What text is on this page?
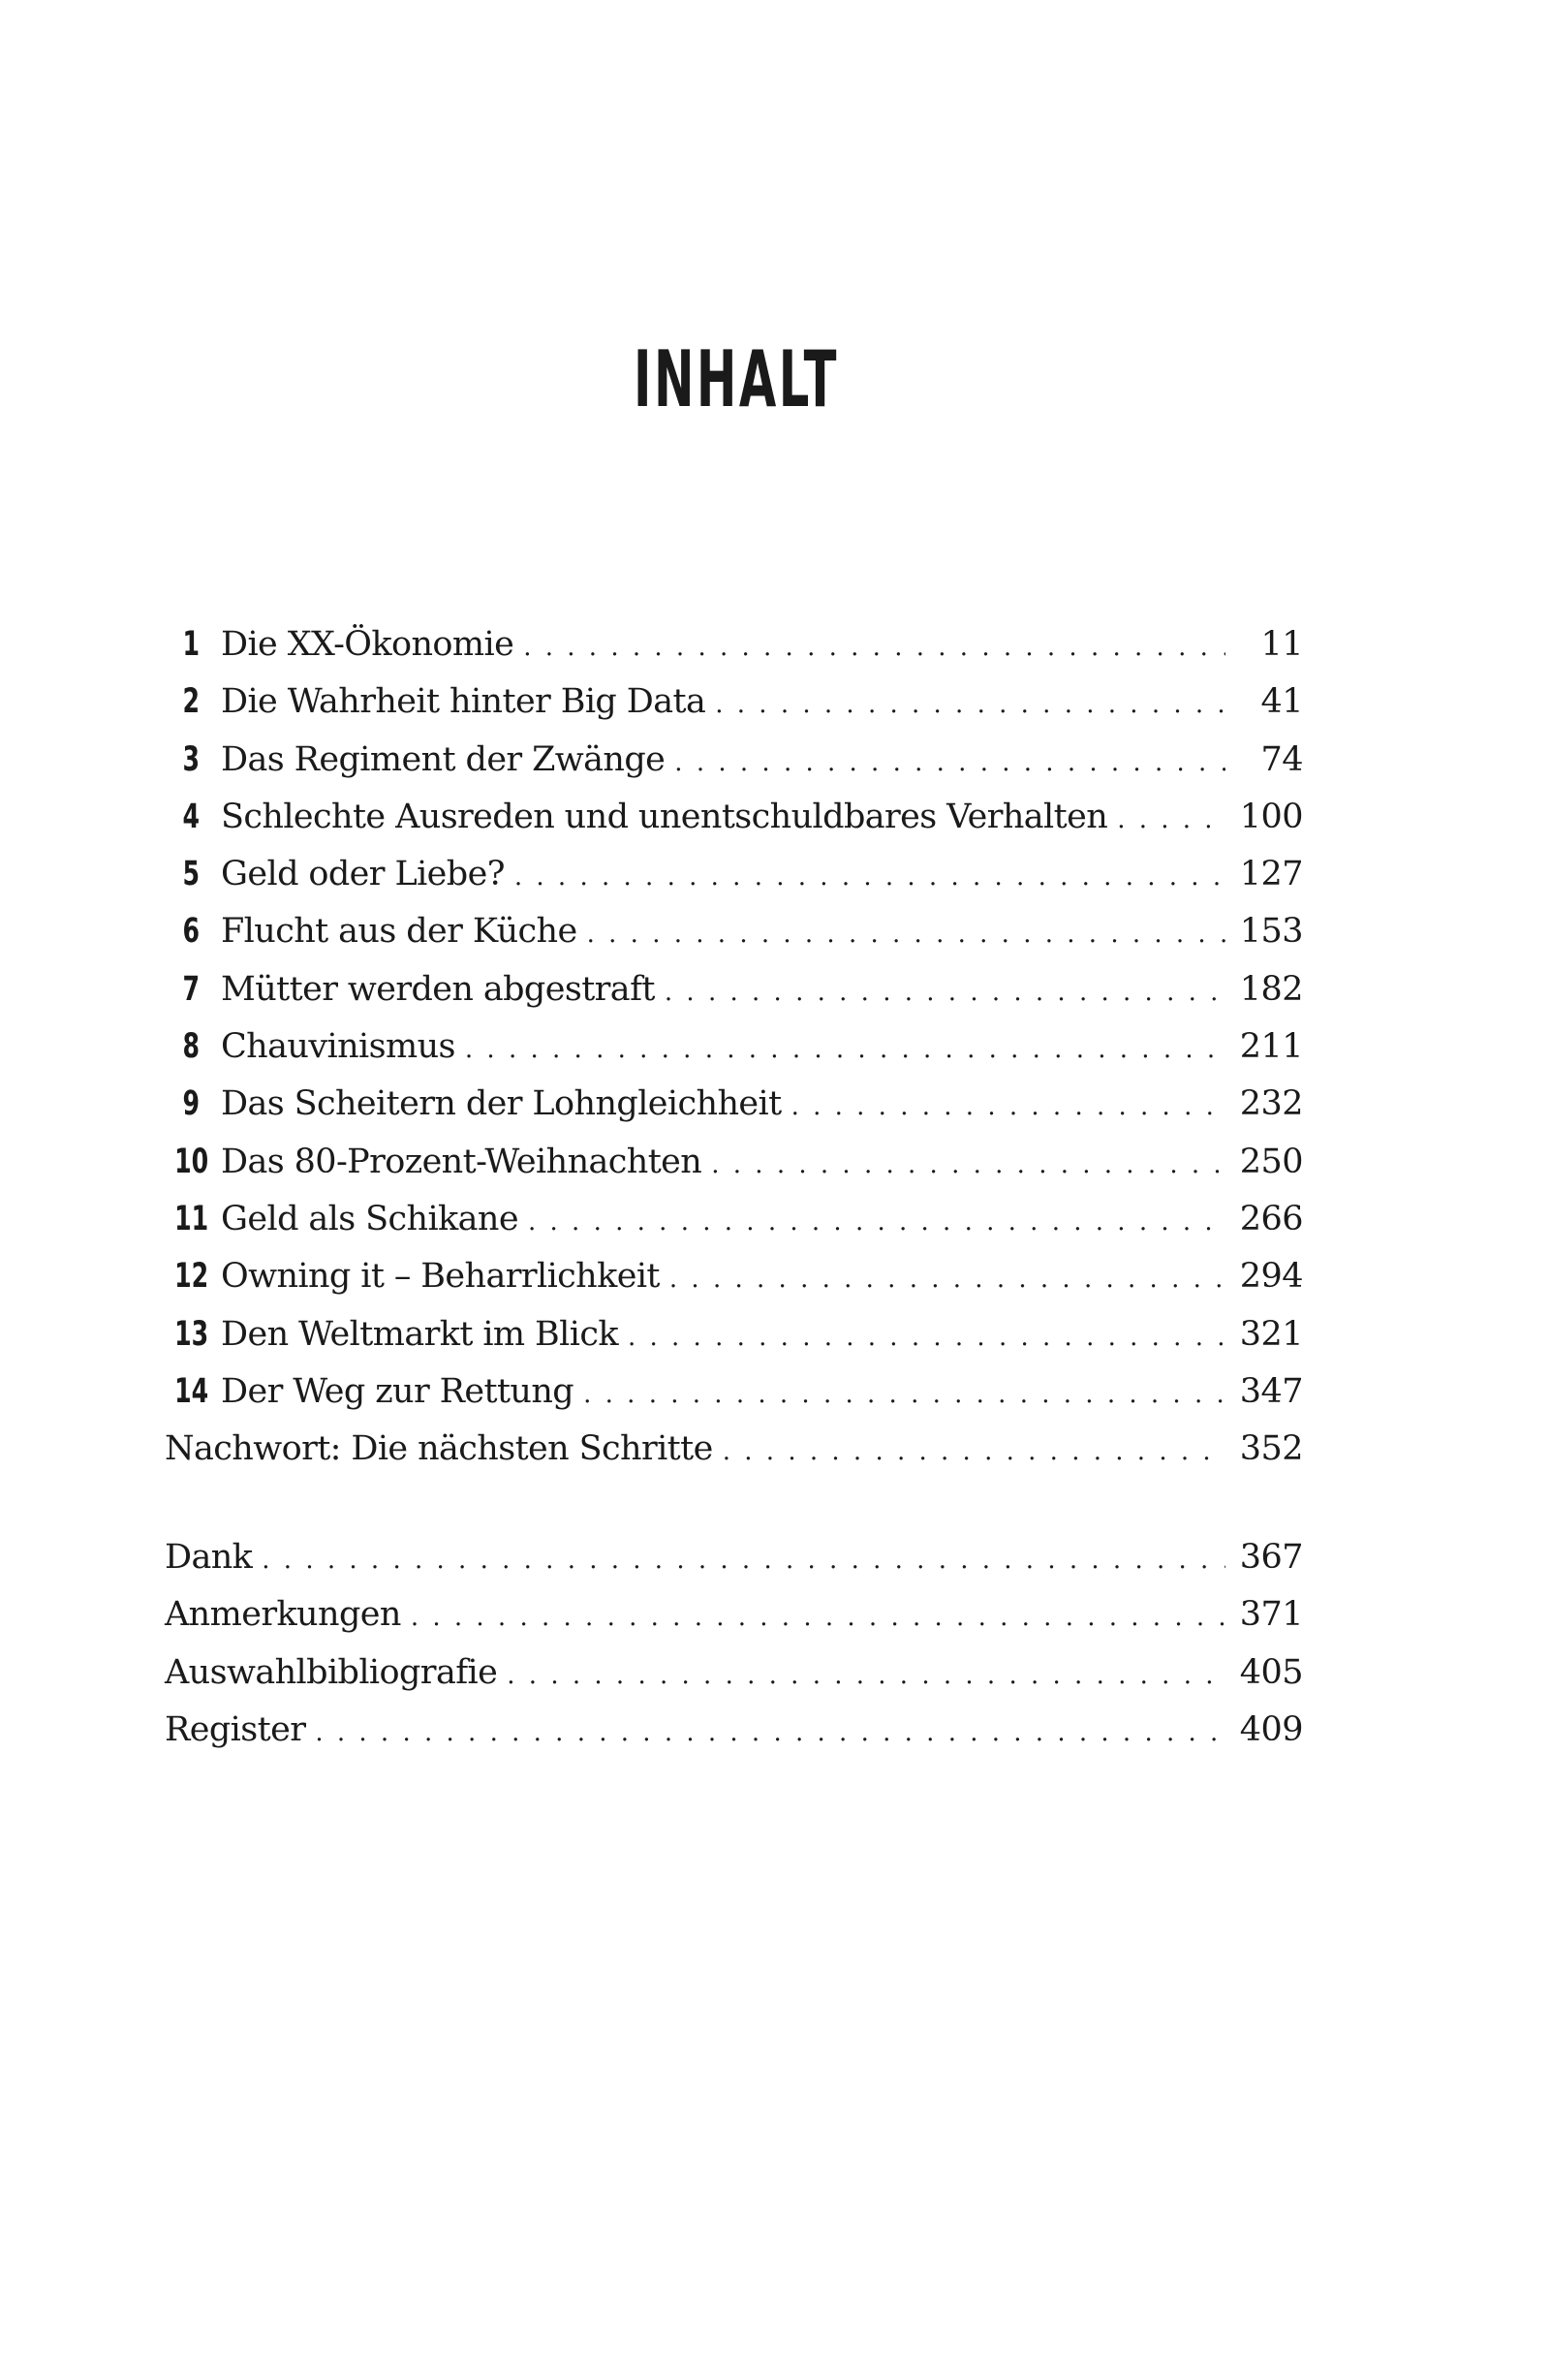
INHALT
1 Die XX-Ökonomie . . .	11
2 Die Wahrheit hinter Big Data . . .	41
3 Das Regiment der Zwänge . . .	74
4 Schlechte Ausreden und unentschuldbares Verhalten . . .	100
5 Geld oder Liebe? . . .	127
6 Flucht aus der Küche . . .	153
7 Mütter werden abgestraft . . .	182
8 Chauvinismus . . .	211
9 Das Scheitern der Lohngleichheit . . .	232
10 Das 80-Prozent-Weihnachten . . .	250
11 Geld als Schikane . . .	266
12 Owning it – Beharrlichkeit . . .	294
13 Den Weltmarkt im Blick . . .	321
14 Der Weg zur Rettung . . .	347
Nachwort: Die nächsten Schritte . . .	352
Dank . . .	367
Anmerkungen . . .	371
Auswahlbibliografie . . .	405
Register . . .	409
